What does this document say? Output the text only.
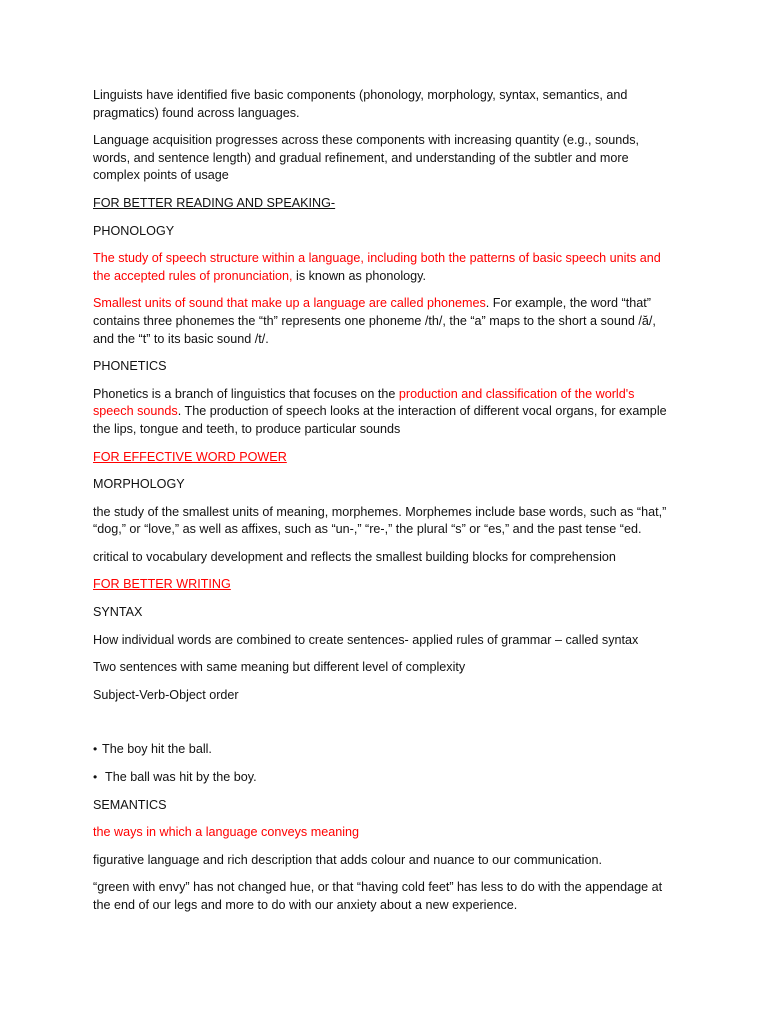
Linguists have identified five basic components (phonology, morphology, syntax, semantics, and pragmatics) found across languages.

Language acquisition progresses across these components with increasing quantity (e.g., sounds, words, and sentence length) and gradual refinement, and understanding of the subtler and more complex points of usage

FOR BETTER READING AND SPEAKING-

PHONOLOGY

The study of speech structure within a language, including both the patterns of basic speech units and the accepted rules of pronunciation, is known as phonology.

Smallest units of sound that make up a language are called phonemes. For example, the word “that” contains three phonemes the “th” represents one phoneme /th/, the “a” maps to the short a sound /ă/, and the “t” to its basic sound /t/.

PHONETICS

Phonetics is a branch of linguistics that focuses on the production and classification of the world's speech sounds. The production of speech looks at the interaction of different vocal organs, for example the lips, tongue and teeth, to produce particular sounds

FOR EFFECTIVE WORD POWER

MORPHOLOGY

the study of the smallest units of meaning, morphemes. Morphemes include base words, such as “hat,” “dog,” or “love,” as well as affixes, such as “un-,” “re-,” the plural “s” or “es,” and the past tense “ed.

critical to vocabulary development and reflects the smallest building blocks for comprehension

FOR BETTER WRITING

SYNTAX

How individual words are combined to create sentences- applied rules of grammar – called syntax

Two sentences with same meaning but different level of complexity

Subject-Verb-Object order

• The boy hit the ball.
• The ball was hit by the boy.

SEMANTICS

the ways in which a language conveys meaning

figurative language and rich description that adds colour and nuance to our communication.

“green with envy” has not changed hue, or that “having cold feet” has less to do with the appendage at the end of our legs and more to do with our anxiety about a new experience.
